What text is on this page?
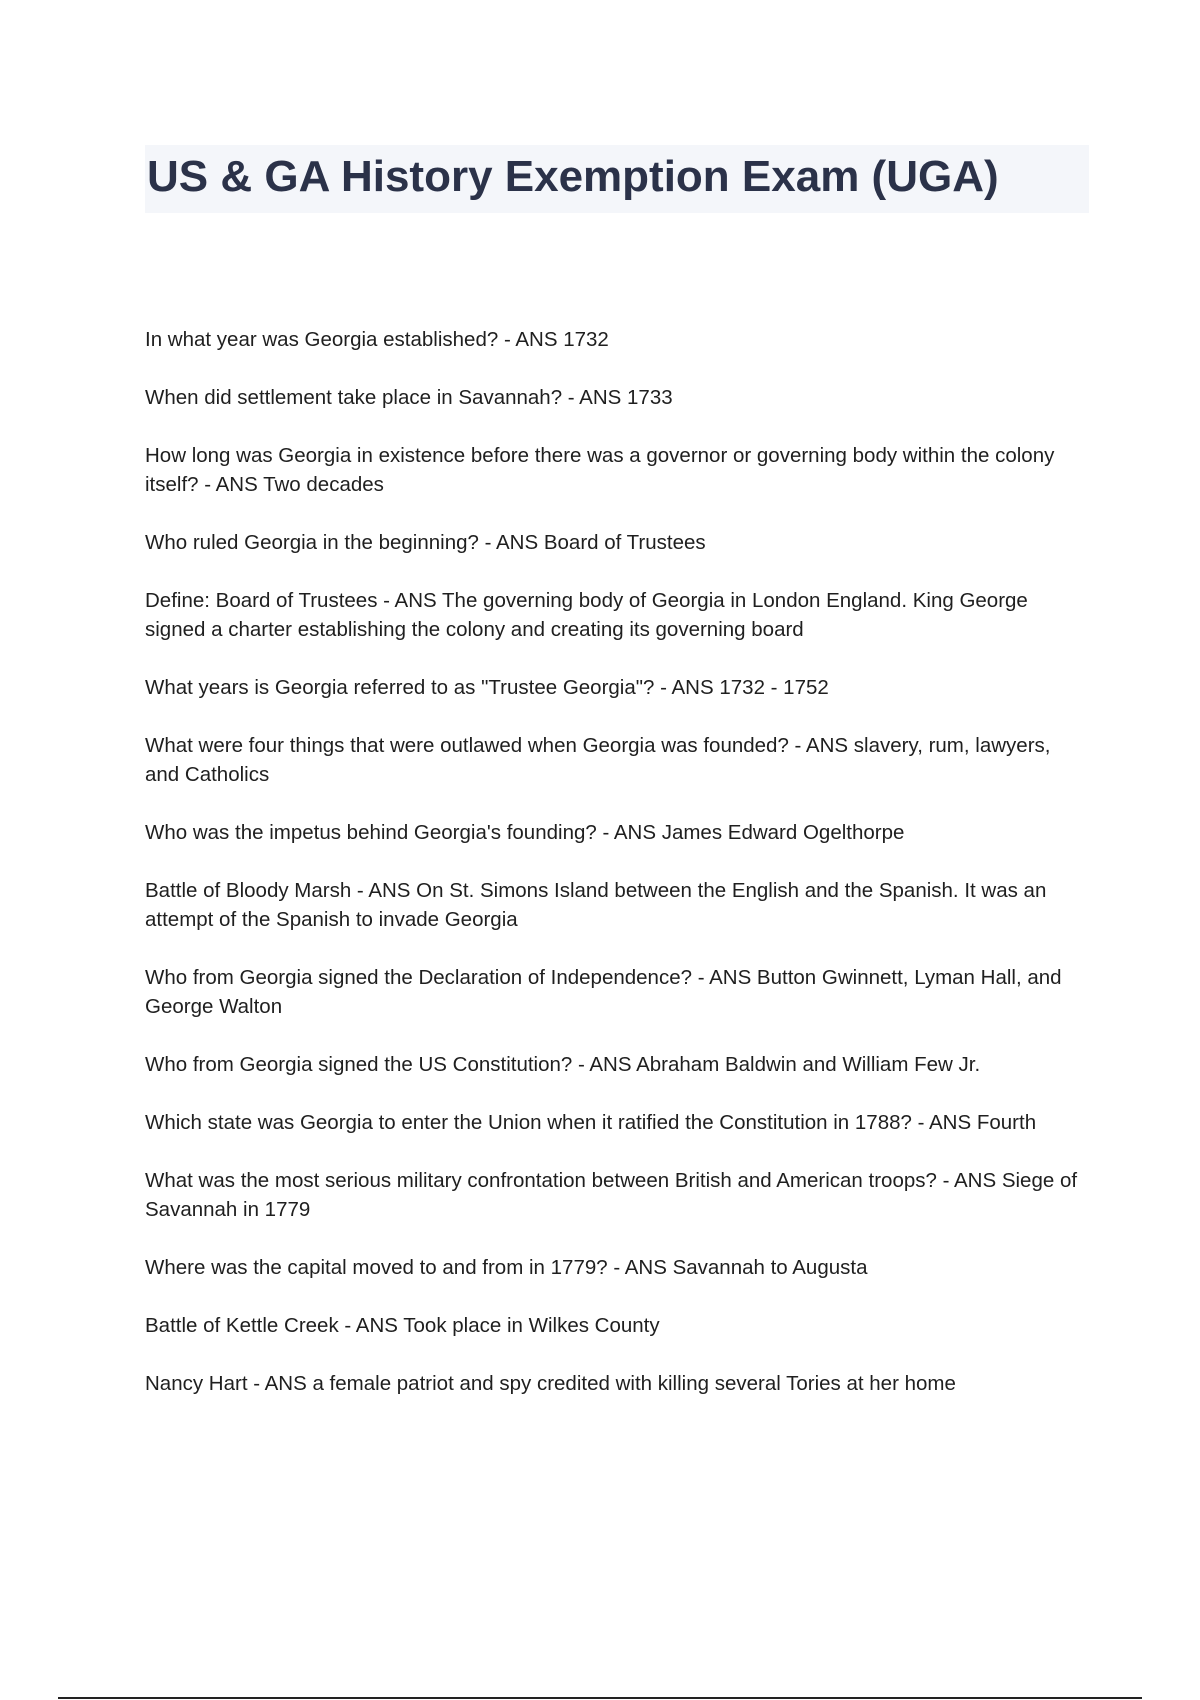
US & GA History Exemption Exam (UGA)
In what year was Georgia established? - ANS 1732
When did settlement take place in Savannah? - ANS 1733
How long was Georgia in existence before there was a governor or governing body within the colony itself? - ANS Two decades
Who ruled Georgia in the beginning? - ANS Board of Trustees
Define: Board of Trustees - ANS The governing body of Georgia in London England. King George signed a charter establishing the colony and creating its governing board
What years is Georgia referred to as "Trustee Georgia"? - ANS 1732 - 1752
What were four things that were outlawed when Georgia was founded? - ANS slavery, rum, lawyers, and Catholics
Who was the impetus behind Georgia's founding? - ANS James Edward Ogelthorpe
Battle of Bloody Marsh - ANS On St. Simons Island between the English and the Spanish. It was an attempt of the Spanish to invade Georgia
Who from Georgia signed the Declaration of Independence? - ANS Button Gwinnett, Lyman Hall, and George Walton
Who from Georgia signed the US Constitution? - ANS Abraham Baldwin and William Few Jr.
Which state was Georgia to enter the Union when it ratified the Constitution in 1788? - ANS Fourth
What was the most serious military confrontation between British and American troops? - ANS Siege of Savannah in 1779
Where was the capital moved to and from in 1779? - ANS Savannah to Augusta
Battle of Kettle Creek - ANS Took place in Wilkes County
Nancy Hart - ANS a female patriot and spy credited with killing several Tories at her home
